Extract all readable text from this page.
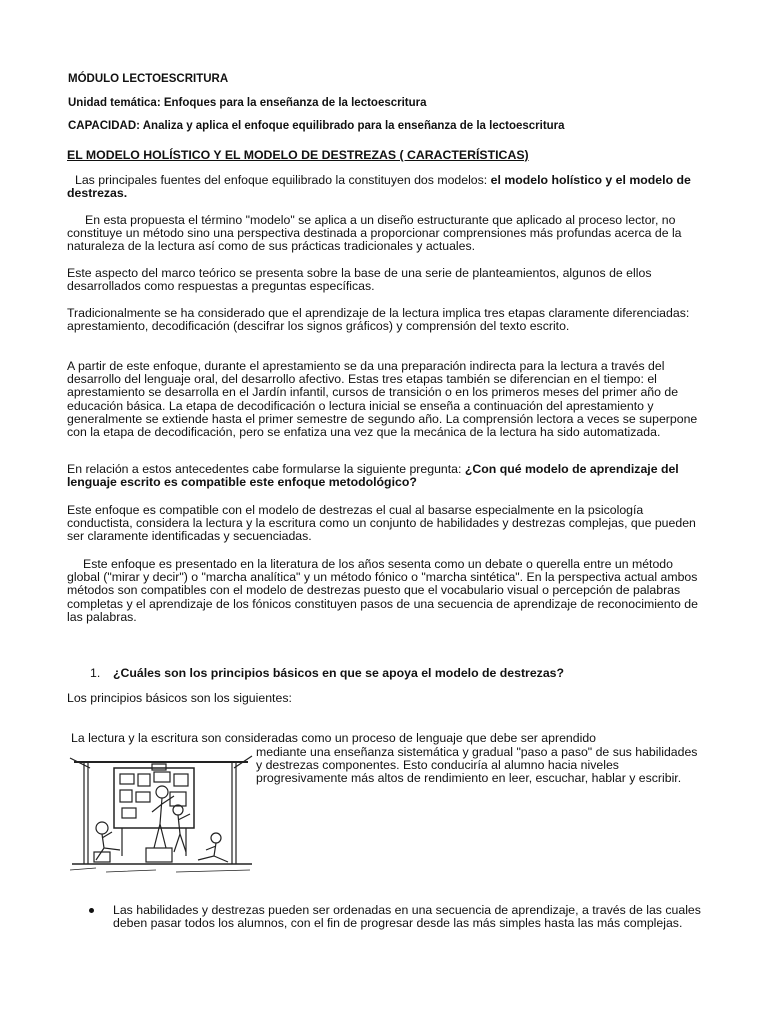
MÓDULO LECTOESCRITURA
Unidad temática: Enfoques para la enseñanza de la lectoescritura
CAPACIDAD: Analiza y aplica el enfoque equilibrado para la enseñanza de la lectoescritura
EL MODELO HOLÍSTICO Y EL MODELO DE DESTREZAS ( CARACTERÍSTICAS)

Las principales fuentes del enfoque equilibrado la constituyen dos modelos: el modelo holístico y el modelo de destrezas.

En esta propuesta el término "modelo" se aplica a un diseño estructurante que aplicado al proceso lector, no constituye un método sino una perspectiva destinada a proporcionar comprensiones más profundas acerca de la naturaleza de la lectura así como de sus prácticas tradicionales y actuales.

Este aspecto del marco teórico se presenta sobre la base de una serie de planteamientos, algunos de ellos desarrollados como respuestas a preguntas específicas.

Tradicionalmente se ha considerado que el aprendizaje de la lectura implica tres etapas claramente diferenciadas: aprestamiento, decodificación (descifrar los signos gráficos) y comprensión del texto escrito.

A partir de este enfoque, durante el aprestamiento se da una preparación indirecta para la lectura a través del desarrollo del lenguaje oral, del desarrollo afectivo. Estas tres etapas también se diferencian en el tiempo: el aprestamiento se desarrolla en el Jardín infantil, cursos de transición o en los primeros meses del primer año de educación básica. La etapa de decodificación o lectura inicial se enseña a continuación del aprestamiento y generalmente se extiende hasta el primer semestre de segundo año. La comprensión lectora a veces se superpone con la etapa de decodificación, pero se enfatiza una vez que la mecánica de la lectura ha sido automatizada.

En relación a estos antecedentes cabe formularse la siguiente pregunta: ¿Con qué modelo de aprendizaje del lenguaje escrito es compatible este enfoque metodológico?

Este enfoque es compatible con el modelo de destrezas el cual al basarse especialmente en la psicología conductista, considera la lectura y la escritura como un conjunto de habilidades y destrezas complejas, que pueden ser claramente identificadas y secuenciadas.

Este enfoque es presentado en la literatura de los años sesenta como un debate o querella entre un método global ("mirar y decir") o "marcha analítica" y un método fónico o "marcha sintética". En la perspectiva actual ambos métodos son compatibles con el modelo de destrezas puesto que el vocabulario visual o percepción de palabras completas y el aprendizaje de los fónicos constituyen pasos de una secuencia de aprendizaje de reconocimiento de las palabras.

1. ¿Cuáles son los principios básicos en que se apoya el modelo de destrezas?

Los principios básicos son los siguientes:

La lectura y la escritura son consideradas como un proceso de lenguaje que debe ser aprendido

mediante una enseñanza sistemática y gradual "paso a paso" de sus habilidades y destrezas componentes. Esto conduciría al alumno hacia niveles progresivamente más altos de rendimiento en leer, escuchar, hablar y escribir.

Las habilidades y destrezas pueden ser ordenadas en una secuencia de aprendizaje, a través de las cuales deben pasar todos los alumnos, con el fin de progresar desde las más simples hasta las más complejas.
